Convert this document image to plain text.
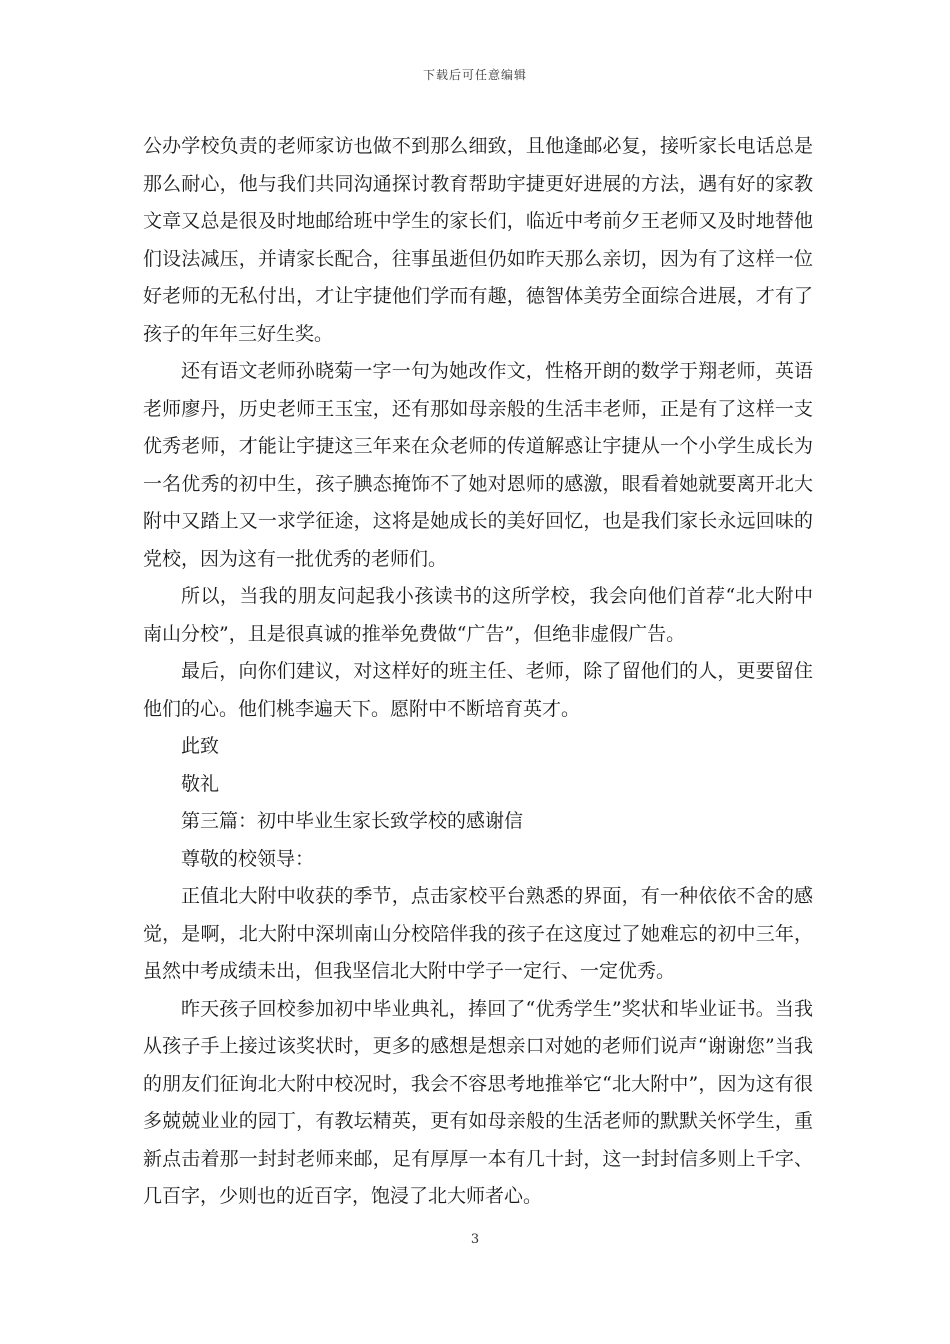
下载后可任意编辑

公办学校负责的老师家访也做不到那么细致，且他逢邮必复，接听家长电话总是那么耐心，他与我们共同沟通探讨教育帮助宇捷更好进展的方法，遇有好的家教文章又总是很及时地邮给班中学生的家长们，临近中考前夕王老师又及时地替他们设法减压，并请家长配合，往事虽逝但仍如昨天那么亲切，因为有了这样一位好老师的无私付出，才让宇捷他们学而有趣，德智体美劳全面综合进展，才有了孩子的年年三好生奖。

还有语文老师孙晓菊一字一句为她改作文，性格开朗的数学于翔老师，英语老师廖丹，历史老师王玉宝，还有那如母亲般的生活丰老师，正是有了这样一支优秀老师，才能让宇捷这三年来在众老师的传道解惑让宇捷从一个小学生成长为一名优秀的初中生，孩子腆态掩饰不了她对恩师的感激，眼看着她就要离开北大附中又踏上又一求学征途，这将是她成长的美好回忆，也是我们家长永远回味的党校，因为这有一批优秀的老师们。

所以，当我的朋友问起我小孩读书的这所学校，我会向他们首荐“北大附中南山分校”，且是很真诚的推举免费做“广告”，但绝非虚假广告。

最后，向你们建议，对这样好的班主任、老师，除了留他们的人，更要留住他们的心。他们桃李遍天下。愿附中不断培育英才。

此致

敬礼

第三篇：初中毕业生家长致学校的感谢信

尊敬的校领导：

正值北大附中收获的季节，点击家校平台熟悉的界面，有一种依依不舍的感觉，是啊，北大附中深圳南山分校陪伴我的孩子在这度过了她难忘的初中三年，虽然中考成绩未出，但我坚信北大附中学子一定行、一定优秀。

昨天孩子回校参加初中毕业典礼，捧回了“优秀学生”奖状和毕业证书。当我从孩子手上接过该奖状时，更多的感想是想亲口对她的老师们说声“谢谢您”当我的朋友们征询北大附中校况时，我会不容思考地推举它“北大附中”，因为这有很多兢兢业业的园丁，有教坛精英，更有如母亲般的生活老师的默默关怀学生，重新点击着那一封封老师来邮，足有厚厚一本有几十封，这一封封信多则上千字、几百字，少则也的近百字，饱浸了北大师者心。

3
